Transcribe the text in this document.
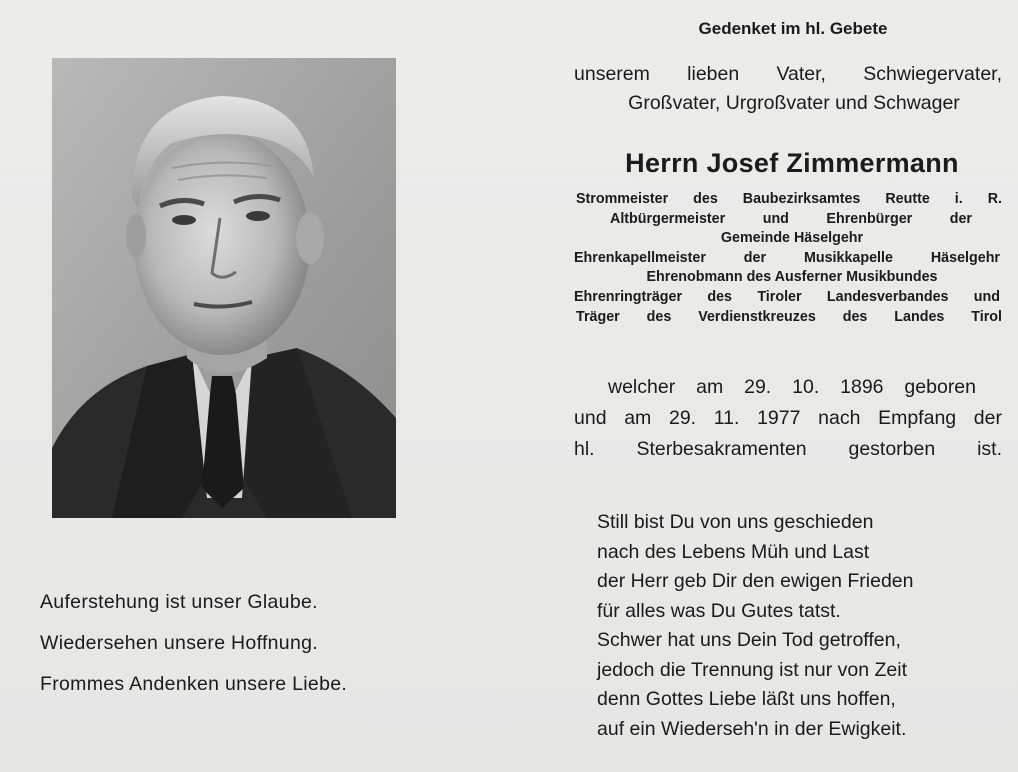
Auferstehung ist unser Glaube.
Wiedersehen unsere Hoffnung.
Frommes Andenken unsere Liebe.
Gedenket im hl. Gebete
unserem lieben Vater, Schwiegervater,
Großvater, Urgroßvater und Schwager
Herrn Josef Zimmermann
Strommeister des Baubezirksamtes Reutte i. R.
Altbürgermeister und Ehrenbürger der
Gemeinde Häselgehr
Ehrenkapellmeister der Musikkapelle Häselgehr
Ehrenobmann des Ausferner Musikbundes
Ehrenringträger des Tiroler Landesverbandes und
Träger des Verdienstkreuzes des Landes Tirol
welcher am 29. 10. 1896 geboren
und am 29. 11. 1977 nach Empfang der
hl. Sterbesakramenten gestorben ist.
Still bist Du von uns geschieden
nach des Lebens Müh und Last
der Herr geb Dir den ewigen Frieden
für alles was Du Gutes tatst.
Schwer hat uns Dein Tod getroffen,
jedoch die Trennung ist nur von Zeit
denn Gottes Liebe läßt uns hoffen,
auf ein Wiederseh'n in der Ewigkeit.
